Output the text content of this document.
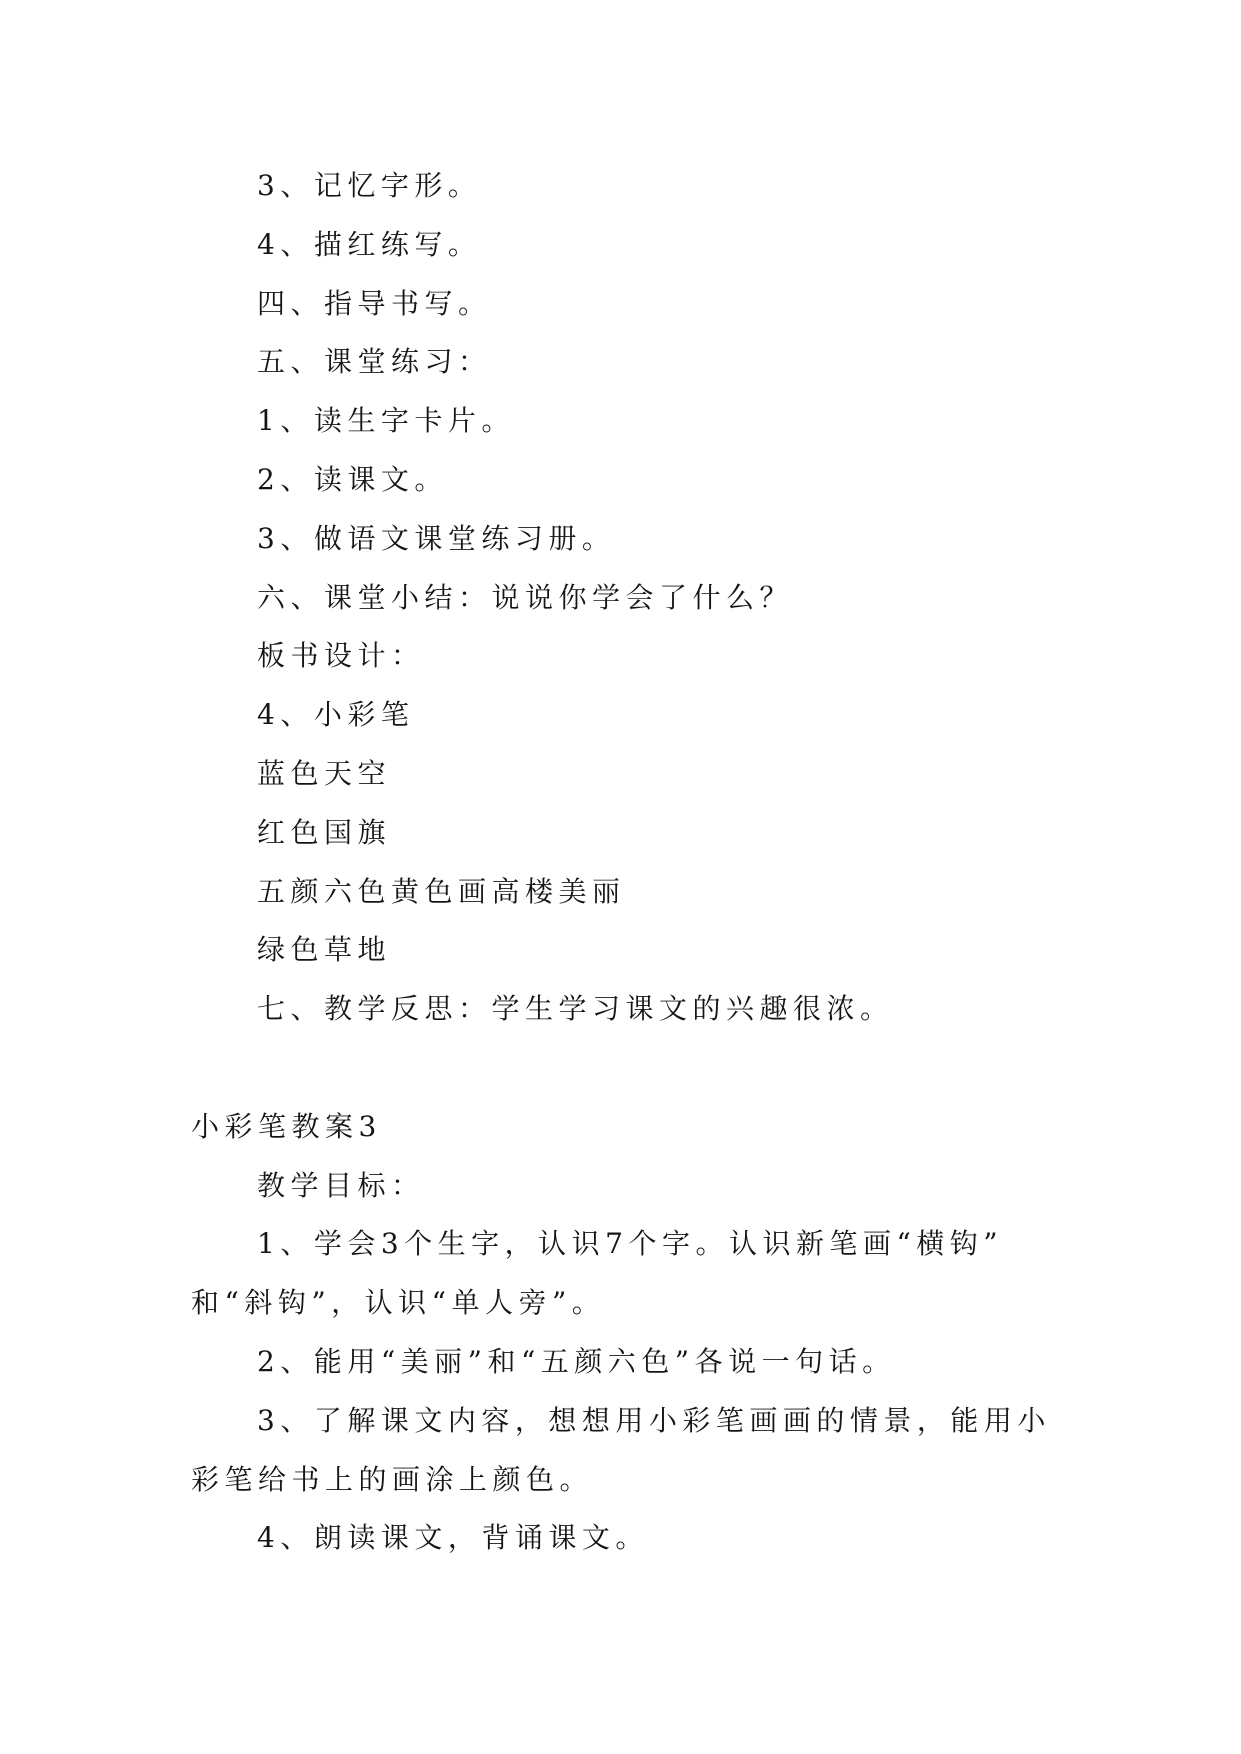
3、记忆字形。
4、描红练写。
四、指导书写。
五、课堂练习：
1、读生字卡片。
2、读课文。
3、做语文课堂练习册。
六、课堂小结：说说你学会了什么？
板书设计：
4、小彩笔
蓝色天空
红色国旗
五颜六色黄色画高楼美丽
绿色草地
七、教学反思：学生学习课文的兴趣很浓。
小彩笔教案3
教学目标：
1、学会3个生字，认识7个字。认识新笔画“横钩”
和“斜钩”，认识“单人旁”。
2、能用“美丽”和“五颜六色”各说一句话。
3、了解课文内容，想想用小彩笔画画的情景，能用小
彩笔给书上的画涂上颜色。
4、朗读课文，背诵课文。
